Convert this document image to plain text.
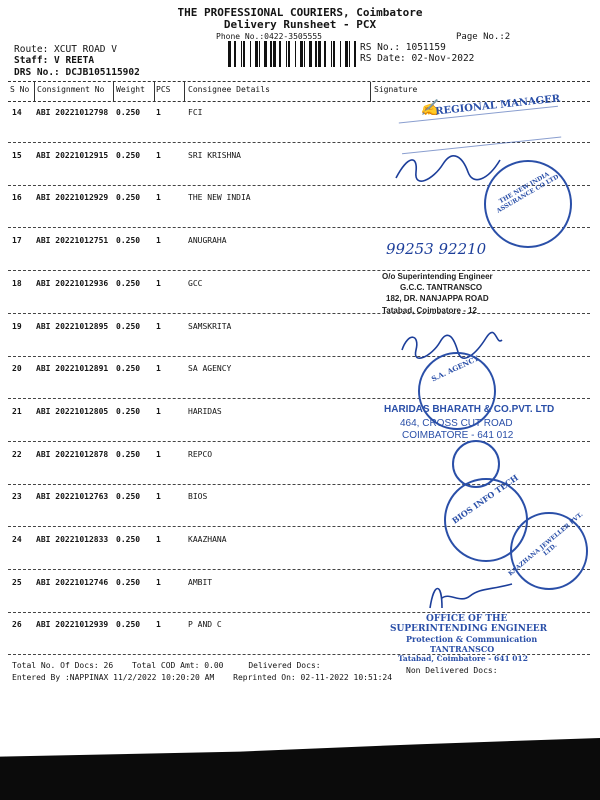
THE PROFESSIONAL COURIERS, Coimbatore
Delivery Runsheet - PCX
Phone No.:0422-3505555	Page No.:2
RS No.: 1051159
RS Date: 02-Nov-2022
Route: XCUT ROAD V
Staff: V REETA
DRS No.: DCJB105115902
S No Consignment No Weight PCS Consignee Details	Signature
14 ABI 20221012798 0.250 1	FCI
15 ABI 20221012915 0.250 1	SRI KRISHNA
16 ABI 20221012929 0.250 1	THE NEW INDIA
17 ABI 20221012751 0.250 1	ANUGRAHA
18 ABI 20221012936 0.250 1	GCC
19 ABI 20221012895 0.250 1	SAMSKRITA
20 ABI 20221012891 0.250 1	SA AGENCY
21 ABI 20221012805 0.250 1	HARIDAS
22 ABI 20221012878 0.250 1	REPCO
23 ABI 20221012763 0.250 1	BIOS
24 ABI 20221012833 0.250 1	KAAZHANA
25 ABI 20221012746 0.250 1	AMBIT
26 ABI 20221012939 0.250 1	P AND C
✍
REGIONAL MANAGER
THE NEW INDIA ASSURANCE CO LTD
99253 92210
O/o Superintending Engineer
G.C.C. TANTRANSCO
182, DR. NANJAPPA ROAD
Tatabad, Coimbatore - 12
S.A. AGENCY
HARIDAS BHARATH & CO.PVT. LTD
464, CROSS CUT ROAD
COIMBATORE - 641 012
BIOS INFO TECH
KAAZHANA JEWELLER PVT. LTD.
OFFICE OF THE
SUPERINTENDING ENGINEER
Protection & Communication
TANTRANSCO
Tatabad, Coimbatore - 641 012
Total No. Of Docs: 26 Total COD Amt: 0.00	Delivered Docs:
Entered By :NAPPINAX 11/2/2022 10:20:20 AM Reprinted On: 02-11-2022 10:51:24
Non Delivered Docs:
